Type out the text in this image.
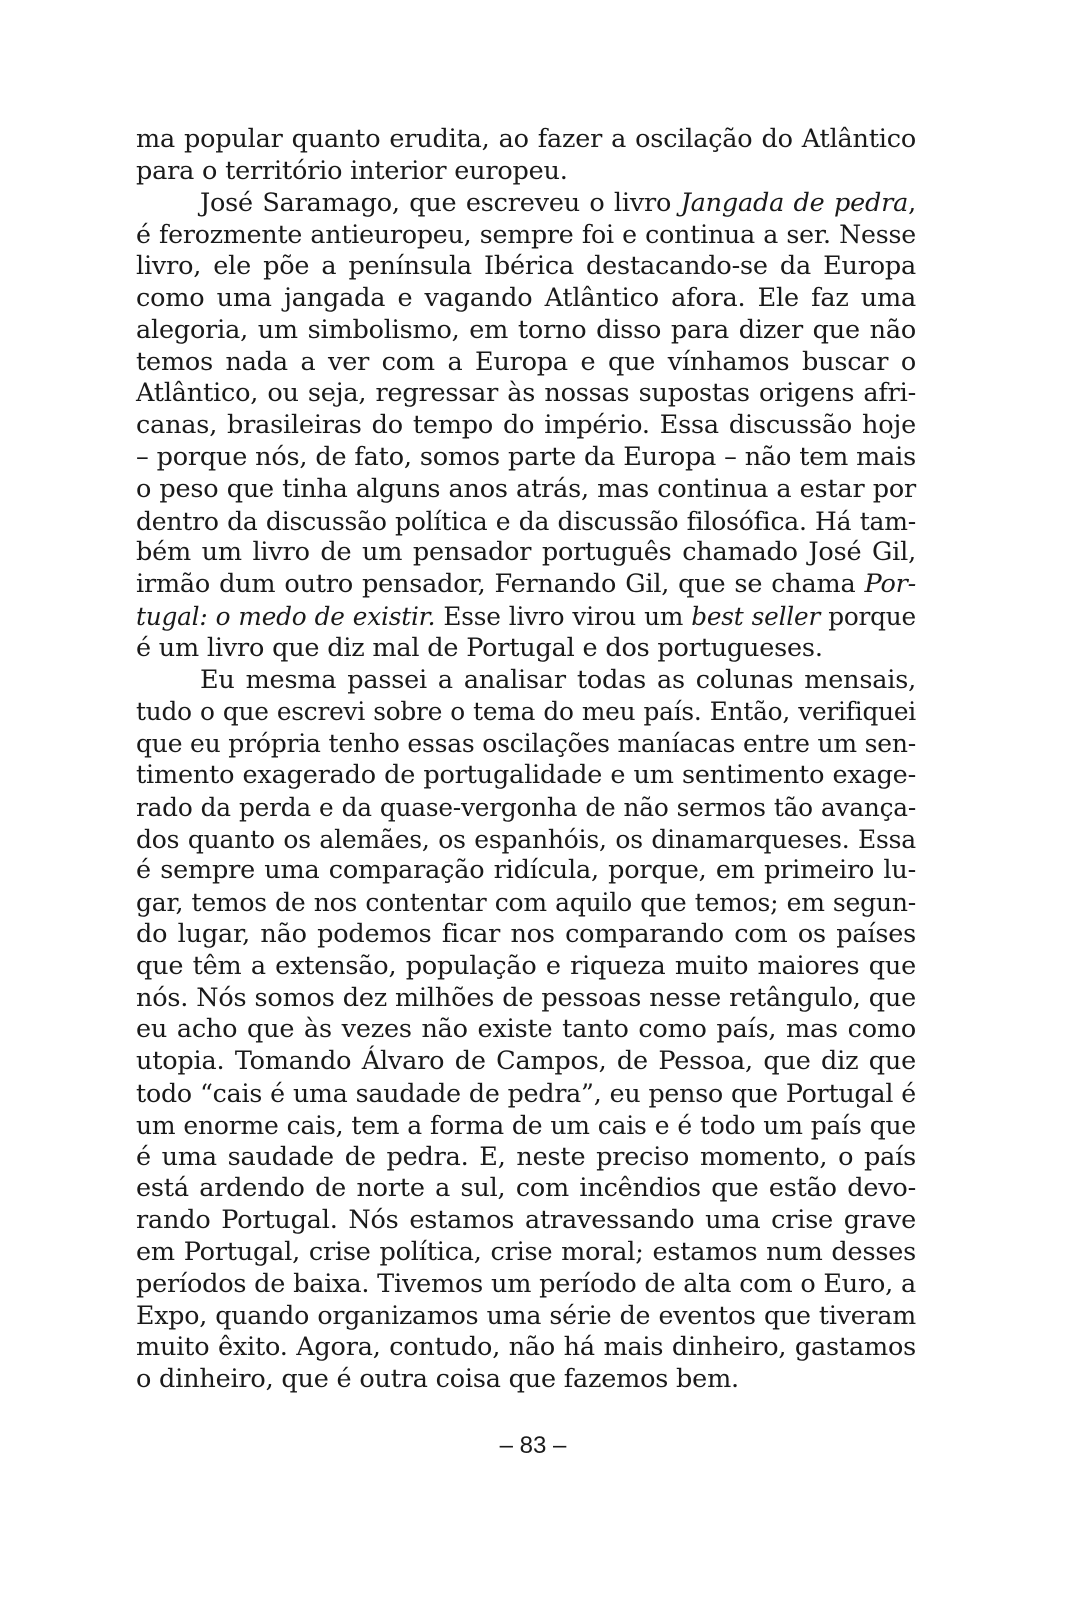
ma popular quanto erudita, ao fazer a oscilação do Atlântico
para o território interior europeu.
José Saramago, que escreveu o livro Jangada de pedra,
é ferozmente antieuropeu, sempre foi e continua a ser. Nesse
livro, ele põe a península Ibérica destacando-se da Europa
como uma jangada e vagando Atlântico afora. Ele faz uma
alegoria, um simbolismo, em torno disso para dizer que não
temos nada a ver com a Europa e que vínhamos buscar o
Atlântico, ou seja, regressar às nossas supostas origens afri-
canas, brasileiras do tempo do império. Essa discussão hoje
– porque nós, de fato, somos parte da Europa – não tem mais
o peso que tinha alguns anos atrás, mas continua a estar por
dentro da discussão política e da discussão filosófica. Há tam-
bém um livro de um pensador português chamado José Gil,
irmão dum outro pensador, Fernando Gil, que se chama Por-
tugal: o medo de existir. Esse livro virou um best seller porque
é um livro que diz mal de Portugal e dos portugueses.
Eu mesma passei a analisar todas as colunas mensais,
tudo o que escrevi sobre o tema do meu país. Então, verifiquei
que eu própria tenho essas oscilações maníacas entre um sen-
timento exagerado de portugalidade e um sentimento exage-
rado da perda e da quase-vergonha de não sermos tão avança-
dos quanto os alemães, os espanhóis, os dinamarqueses. Essa
é sempre uma comparação ridícula, porque, em primeiro lu-
gar, temos de nos contentar com aquilo que temos; em segun-
do lugar, não podemos ficar nos comparando com os países
que têm a extensão, população e riqueza muito maiores que
nós. Nós somos dez milhões de pessoas nesse retângulo, que
eu acho que às vezes não existe tanto como país, mas como
utopia. Tomando Álvaro de Campos, de Pessoa, que diz que
todo “cais é uma saudade de pedra”, eu penso que Portugal é
um enorme cais, tem a forma de um cais e é todo um país que
é uma saudade de pedra. E, neste preciso momento, o país
está ardendo de norte a sul, com incêndios que estão devo-
rando Portugal. Nós estamos atravessando uma crise grave
em Portugal, crise política, crise moral; estamos num desses
períodos de baixa. Tivemos um período de alta com o Euro, a
Expo, quando organizamos uma série de eventos que tiveram
muito êxito. Agora, contudo, não há mais dinheiro, gastamos
o dinheiro, que é outra coisa que fazemos bem.
– 83 –
